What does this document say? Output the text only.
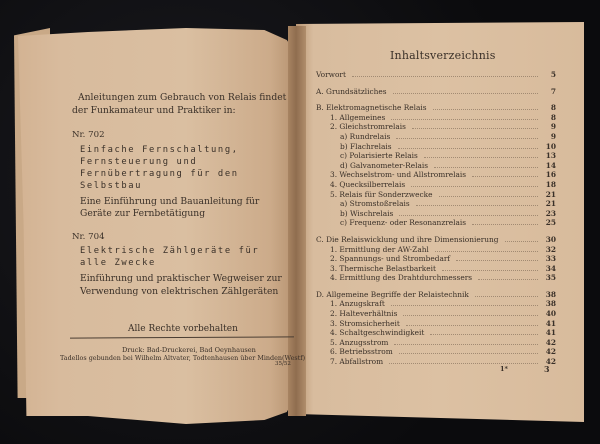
Anleitungen zum Gebrauch von Relais findet der Funkamateur und Praktiker in:

Nr. 702

Einfache Fernschaltung, Fernsteuerung und Fernübertragung für den Selbstbau

Eine Einführung und Bauanleitung für Geräte zur Fernbetätigung

Nr. 704

Elektrische Zählgeräte für alle Zwecke

Einführung und praktischer Wegweiser zur Verwendung von elektrischen Zählgeräten

Alle Rechte vorbehalten
Druck: Bad-Druckerei, Bad Oeynhausen
Tadellos gebunden bei Wilhelm Altvater, Todtenhausen über Minden(Westf)
35/52
Inhaltsverzeichnis
Vorwort	5
A. Grundsätzliches	7
B. Elektromagnetische Relais	8
1. Allgemeines	8
2. Gleichstromrelais	9
a) Rundrelais	9
b) Flachrelais	10
c) Polarisierte Relais	13
d) Galvanometer-Relais	14
3. Wechselstrom- und Allstromrelais	16
4. Quecksilberrelais	18
5. Relais für Sonderzwecke	21
a) Stromstoßrelais	21
b) Wischrelais	23
c) Frequenz- oder Resonanzrelais	25
C. Die Relaiswicklung und ihre Dimensionierung	30
1. Ermittlung der AW-Zahl	32
2. Spannungs- und Strombedarf	33
3. Thermische Belastbarkeit	34
4. Ermittlung des Drahtdurchmessers	35
D. Allgemeine Begriffe der Relaistechnik	38
1. Anzugskraft	38
2. Halteverhältnis	40
3. Stromsicherheit	41
4. Schaltgeschwindigkeit	41
5. Anzugsstrom	42
6. Betriebsstrom	42
7. Abfallstrom	42
1*	3
